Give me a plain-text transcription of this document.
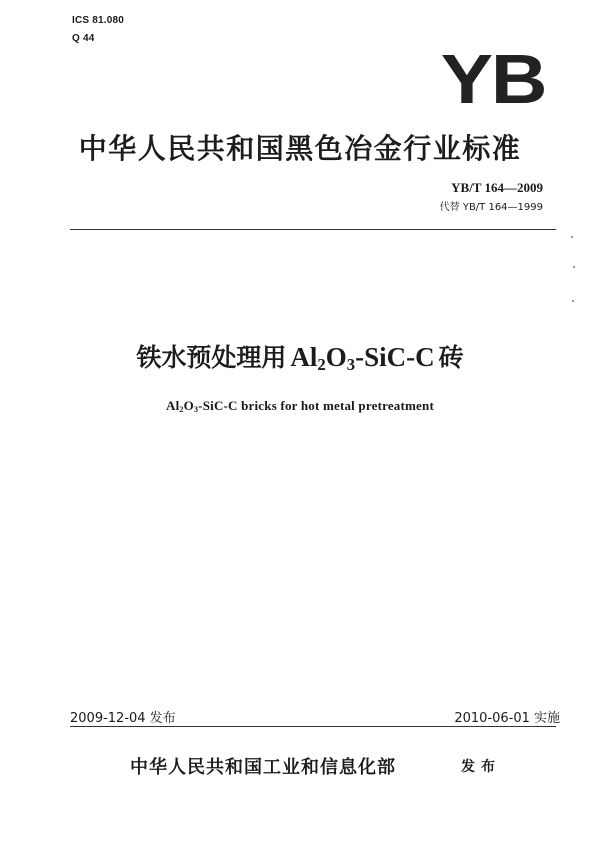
ICS 81.080
Q 44
YB
中华人民共和国黑色冶金行业标准
YB/T 164—2009
代替 YB/T 164—1999
铁水预处理用 $Al_2O_3-SiC-C$ 砖
$Al_2O_3-SiC-C$ bricks for hot metal pretreatment
2009-12-04 发布	2010-06-01 实施
中华人民共和国工业和信息化部	发布
